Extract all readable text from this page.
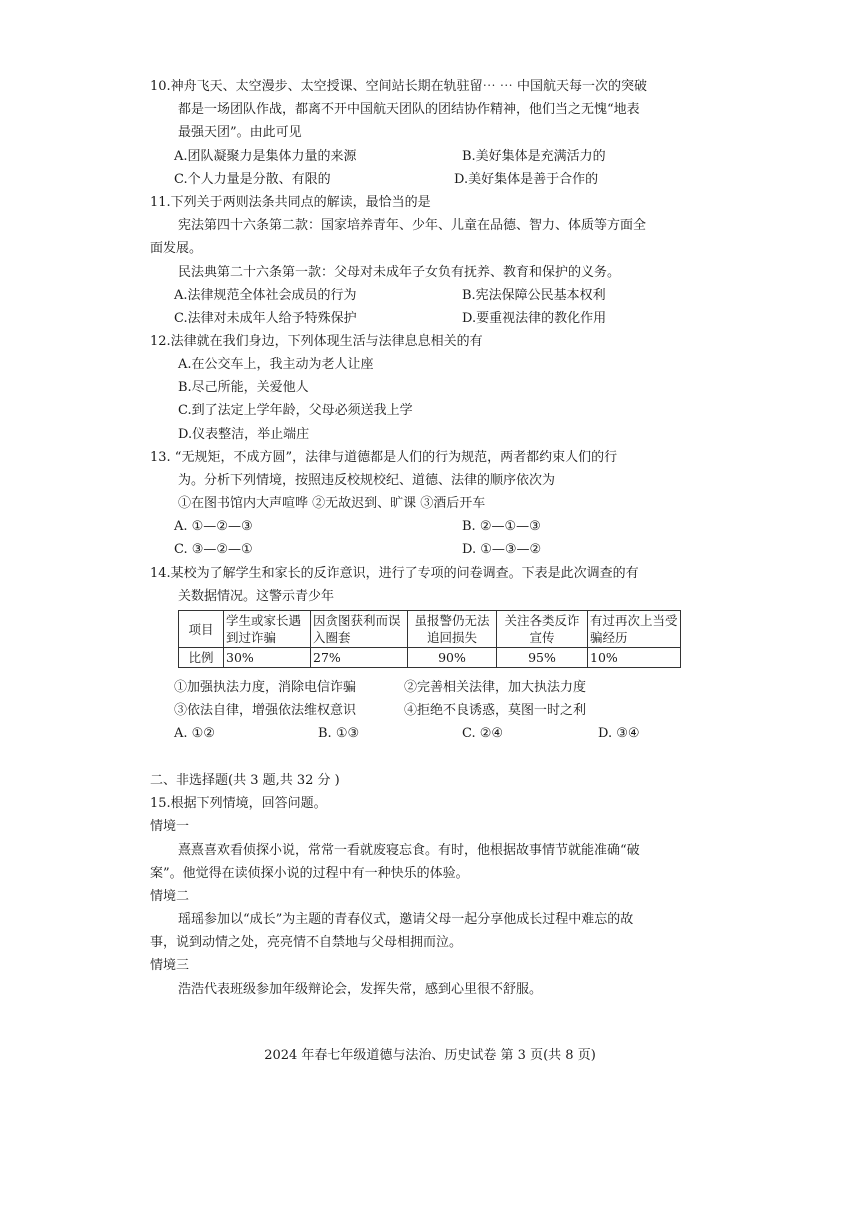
10.神舟飞天、太空漫步、太空授课、空间站长期在轨驻留⋯ ⋯ 中国航天每一次的突破
都是一场团队作战，都离不开中国航天团队的团结协作精神，他们当之无愧“地表
最强天团”。由此可见
A.团队凝聚力是集体力量的来源	B.美好集体是充满活力的
C.个人力量是分散、有限的	D.美好集体是善于合作的
11.下列关于两则法条共同点的解读，最恰当的是
宪法第四十六条第二款：国家培养青年、少年、儿童在品德、智力、体质等方面全
面发展。
民法典第二十六条第一款：父母对未成年子女负有抚养、教育和保护的义务。
A.法律规范全体社会成员的行为	B.宪法保障公民基本权利
C.法律对未成年人给予特殊保护	D.要重视法律的教化作用
12.法律就在我们身边，下列体现生活与法律息息相关的有
A.在公交车上，我主动为老人让座
B.尽己所能，关爱他人
C.到了法定上学年龄，父母必须送我上学
D.仪表整洁，举止端庄
13. “无规矩，不成方圆”，法律与道德都是人们的行为规范，两者都约束人们的行
为。分析下列情境，按照违反校规校纪、道德、法律的顺序依次为
①在图书馆内大声喧哗 ②无故迟到、旷课 ③酒后开车
A. ①—②—③	B. ②—①—③
C. ③—②—①	D. ①—③—②
14.某校为了解学生和家长的反诈意识，进行了专项的问卷调查。下表是此次调查的有
关数据情况。这警示青少年
项目	学生或家长遇到过诈骗	因贪图获利而误入圈套	虽报警仍无法追回损失	关注各类反诈宣传	有过再次上当受骗经历
比例	30%	27%	90%	95%	10%
①加强执法力度，消除电信诈骗	②完善相关法律，加大执法力度
③依法自律，增强依法维权意识	④拒绝不良诱惑，莫图一时之利
A. ①②	B. ①③	C. ②④	D. ③④
二、非选择题(共 3 题,共 32 分 )
15.根据下列情境，回答问题。
情境一
熹熹喜欢看侦探小说，常常一看就废寝忘食。有时，他根据故事情节就能准确“破
案”。他觉得在读侦探小说的过程中有一种快乐的体验。
情境二
瑶瑶参加以“成长”为主题的青春仪式，邀请父母一起分享他成长过程中难忘的故
事，说到动情之处，亮亮情不自禁地与父母相拥而泣。
情境三
浩浩代表班级参加年级辩论会，发挥失常，感到心里很不舒服。
2024 年春七年级道德与法治、历史试卷 第 3 页(共 8 页)
